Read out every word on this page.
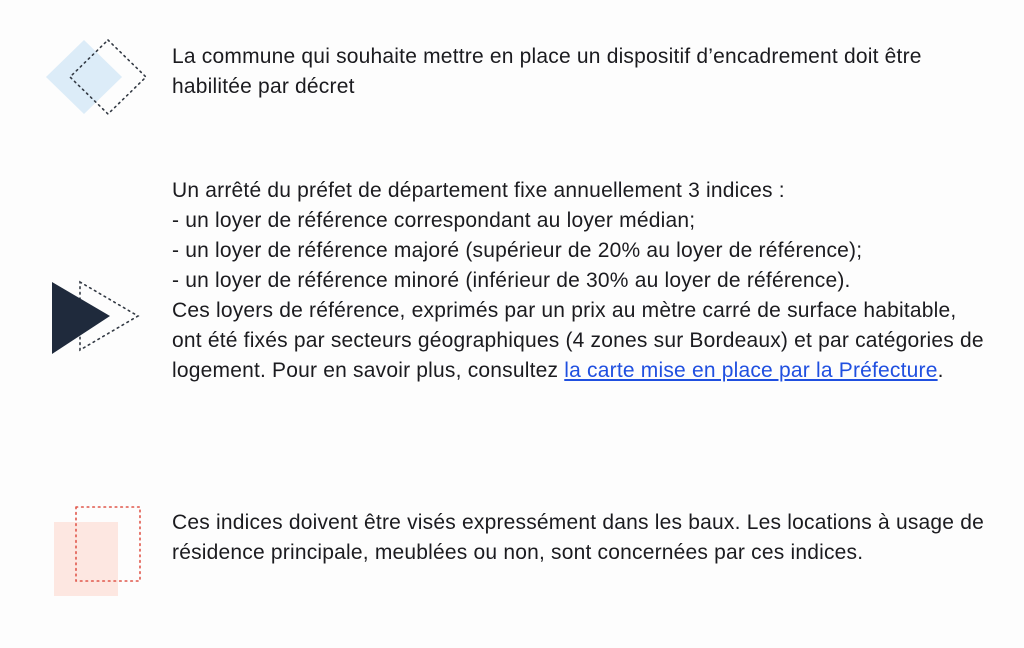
La commune qui souhaite mettre en place un dispositif d’encadrement doit être habilitée par décret
Un arrêté du préfet de département fixe annuellement 3 indices :
- un loyer de référence correspondant au loyer médian;
- un loyer de référence majoré (supérieur de 20% au loyer de référence);
- un loyer de référence minoré (inférieur de 30% au loyer de référence).
Ces loyers de référence, exprimés par un prix au mètre carré de surface habitable, ont été fixés par secteurs géographiques (4 zones sur Bordeaux) et par catégories de logement. Pour en savoir plus, consultez la carte mise en place par la Préfecture.
Ces indices doivent être visés expressément dans les baux. Les locations à usage de résidence principale, meublées ou non, sont concernées par ces indices.
